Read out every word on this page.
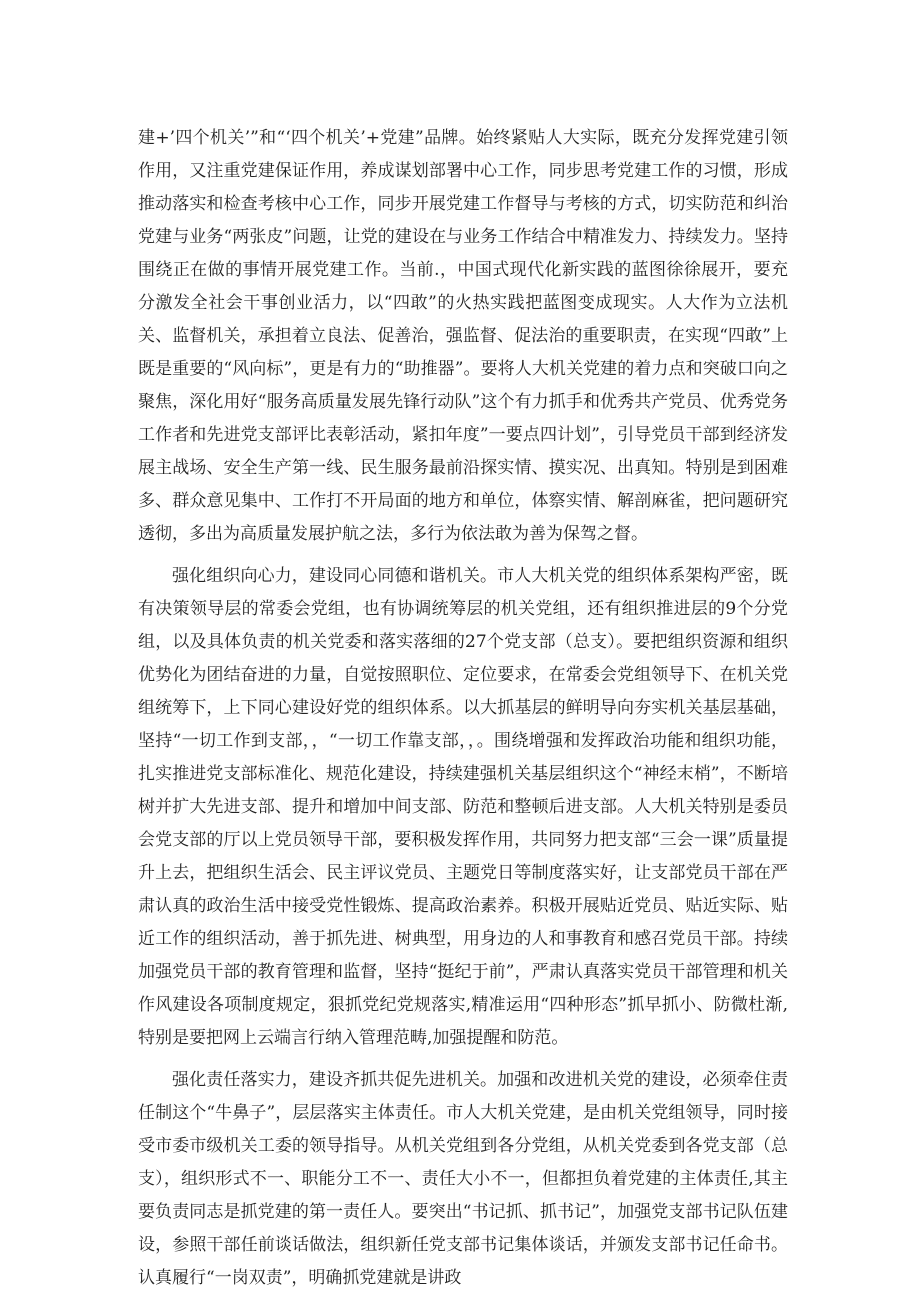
建+’四个机关’”和“‘四个机关’+党建”品牌。始终紧贴人大实际，既充分发挥党建引领作用，又注重党建保证作用，养成谋划部署中心工作，同步思考党建工作的习惯，形成推动落实和检查考核中心工作，同步开展党建工作督导与考核的方式，切实防范和纠治党建与业务“两张皮”问题，让党的建设在与业务工作结合中精准发力、持续发力。坚持围绕正在做的事情开展党建工作。当前.，中国式现代化新实践的蓝图徐徐展开，要充分激发全社会干事创业活力，以“四敢”的火热实践把蓝图变成现实。人大作为立法机关、监督机关，承担着立良法、促善治，强监督、促法治的重要职责，在实现“四敢”上既是重要的“风向标”，更是有力的“助推器”。要将人大机关党建的着力点和突破口向之聚焦，深化用好“服务高质量发展先锋行动队”这个有力抓手和优秀共产党员、优秀党务工作者和先进党支部评比表彰活动，紧扣年度”一要点四计划”，引导党员干部到经济发展主战场、安全生产第一线、民生服务最前沿探实情、摸实况、出真知。特别是到困难多、群众意见集中、工作打不开局面的地方和单位，体察实情、解剖麻雀，把问题研究透彻，多出为高质量发展护航之法，多行为依法敢为善为保驾之督。

强化组织向心力，建设同心同德和谐机关。市人大机关党的组织体系架构严密，既有决策领导层的常委会党组，也有协调统筹层的机关党组，还有组织推进层的9个分党组，以及具体负责的机关党委和落实落细的27个党支部（总支）。要把组织资源和组织优势化为团结奋进的力量，自觉按照职位、定位要求，在常委会党组领导下、在机关党组统筹下，上下同心建设好党的组织体系。以大抓基层的鲜明导向夯实机关基层基础，坚持“一切工作到支部，，“一切工作靠支部，，。围绕增强和发挥政治功能和组织功能，扎实推进党支部标准化、规范化建设，持续建强机关基层组织这个“神经末梢”，不断培树并扩大先进支部、提升和增加中间支部、防范和整顿后进支部。人大机关特别是委员会党支部的厅以上党员领导干部，要积极发挥作用，共同努力把支部“三会一课”质量提升上去，把组织生活会、民主评议党员、主题党日等制度落实好，让支部党员干部在严肃认真的政治生活中接受党性锻炼、提高政治素养。积极开展贴近党员、贴近实际、贴近工作的组织活动，善于抓先进、树典型，用身边的人和事教育和感召党员干部。持续加强党员干部的教育管理和监督，坚持“挺纪于前”，严肃认真落实党员干部管理和机关作风建设各项制度规定，狠抓党纪党规落实,精准运用“四种形态”抓早抓小、防微杜渐,特别是要把网上云端言行纳入管理范畴,加强提醒和防范。

强化责任落实力，建设齐抓共促先进机关。加强和改进机关党的建设，必须牵住责任制这个“牛鼻子”，层层落实主体责任。市人大机关党建，是由机关党组领导，同时接受市委市级机关工委的领导指导。从机关党组到各分党组，从机关党委到各党支部（总支），组织形式不一、职能分工不一、责任大小不一，但都担负着党建的主体责任,其主要负责同志是抓党建的第一责任人。要突出“书记抓、抓书记”，加强党支部书记队伍建设，参照干部任前谈话做法，组织新任党支部书记集体谈话，并颁发支部书记任命书。认真履行“一岗双责”，明确抓党建就是讲政
